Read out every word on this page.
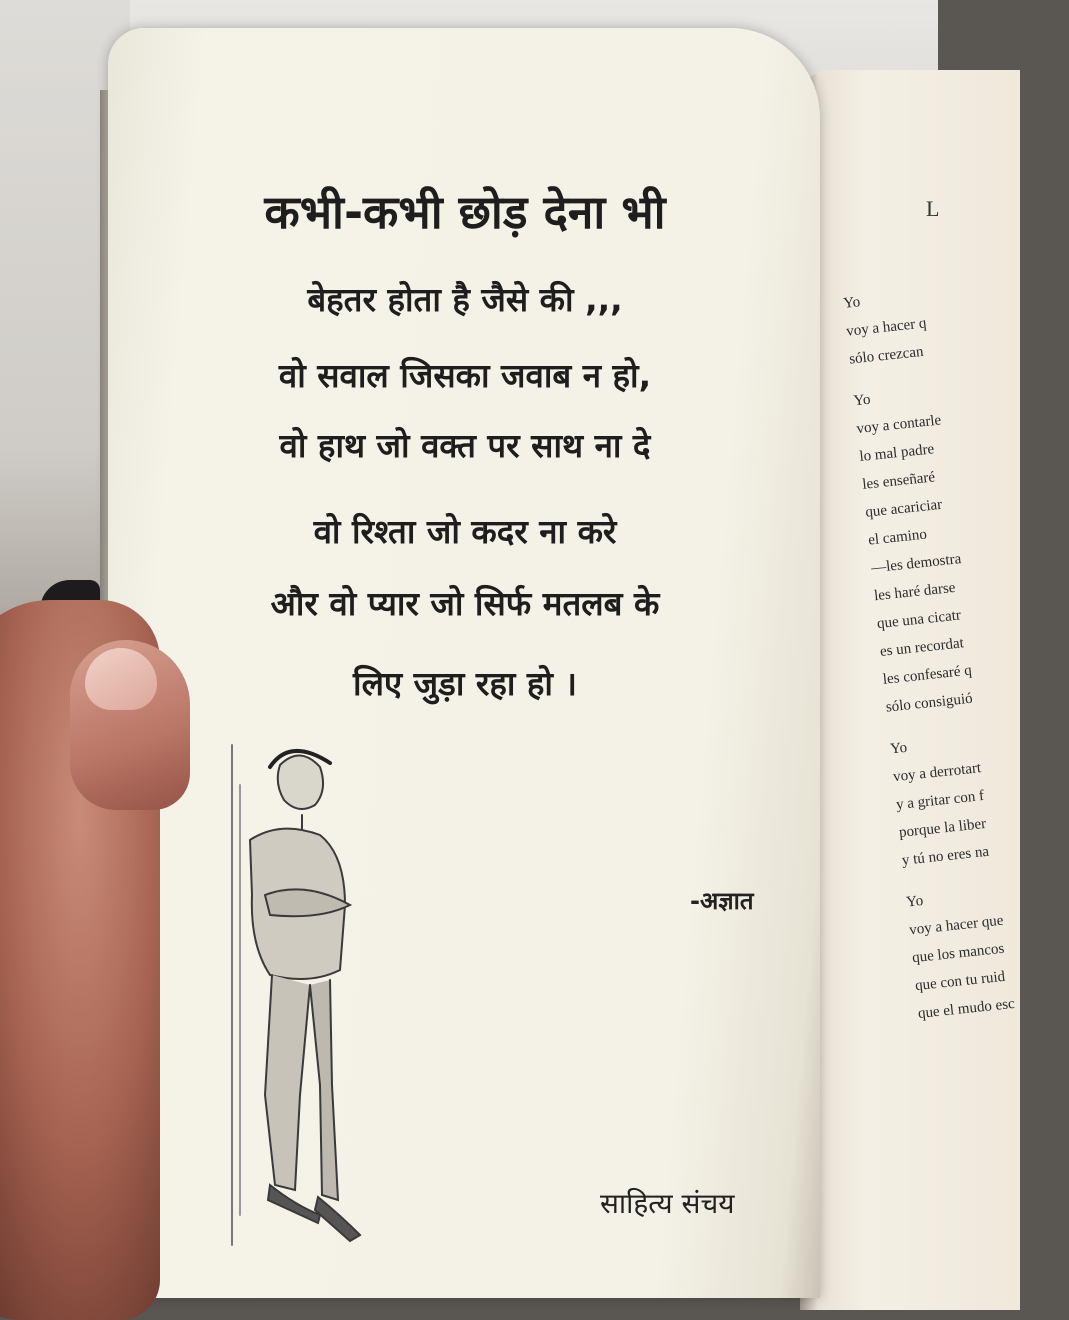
L
Yo
voy a hacer q
sólo crezcan
Yo
voy a contarle
lo mal padre
les enseñaré
que acariciar
el camino
—les demostra
les haré darse
que una cicatr
es un recordat
les confesaré q
sólo consiguió
Yo
voy a derrotart
y a gritar con f
porque la liber
y tú no eres na
Yo
voy a hacer que
que los mancos
que con tu ruid
que el mudo esc
कभी-कभी छोड़ देना भी
बेहतर होता है जैसे की ,,,
वो सवाल जिसका जवाब न हो,
वो हाथ जो वक्त पर साथ ना दे
वो रिश्ता जो कदर ना करे
और वो प्यार जो सिर्फ मतलब के
लिए जुड़ा रहा हो ।
-अज्ञात
साहित्य संचय
